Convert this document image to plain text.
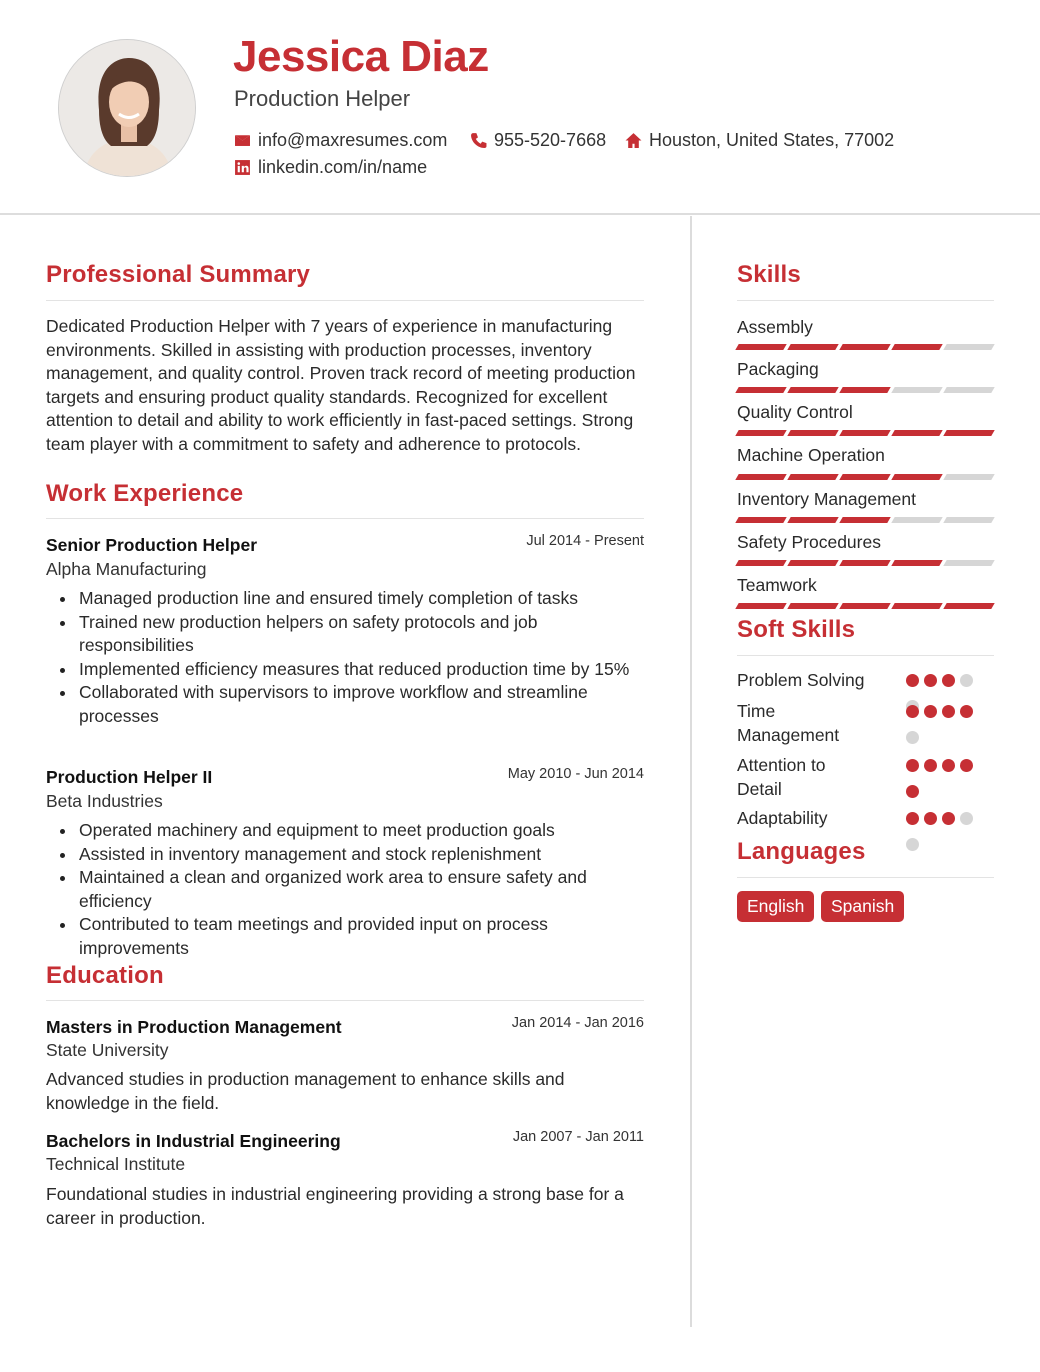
Jessica Diaz
Production Helper
info@maxresumes.com	955-520-7668 Houston, United States, 77002
linkedin.com/in/name
Professional Summary
Dedicated Production Helper with 7 years of experience in manufacturing environments. Skilled in assisting with production processes, inventory management, and quality control. Proven track record of meeting production targets and ensuring product quality standards. Recognized for excellent attention to detail and ability to work efficiently in fast-paced settings. Strong team player with a commitment to safety and adherence to protocols.
Work Experience
Senior Production Helper	Jul 2014 - Present
Alpha Manufacturing
Managed production line and ensured timely completion of tasks
Trained new production helpers on safety protocols and job responsibilities
Implemented efficiency measures that reduced production time by 15%
Collaborated with supervisors to improve workflow and streamline processes
Production Helper II	May 2010 - Jun 2014
Beta Industries
Operated machinery and equipment to meet production goals
Assisted in inventory management and stock replenishment
Maintained a clean and organized work area to ensure safety and efficiency
Contributed to team meetings and provided input on process improvements
Education
Masters in Production Management	Jan 2014 - Jan 2016
State University
Advanced studies in production management to enhance skills and knowledge in the field.
Bachelors in Industrial Engineering	Jan 2007 - Jan 2011
Technical Institute
Foundational studies in industrial engineering providing a strong base for a career in production.
Skills
Assembly
Packaging
Quality Control
Machine Operation
Inventory Management
Safety Procedures
Teamwork
Soft Skills
Problem Solving
Time Management
Attention to Detail
Adaptability
Languages
English	Spanish
